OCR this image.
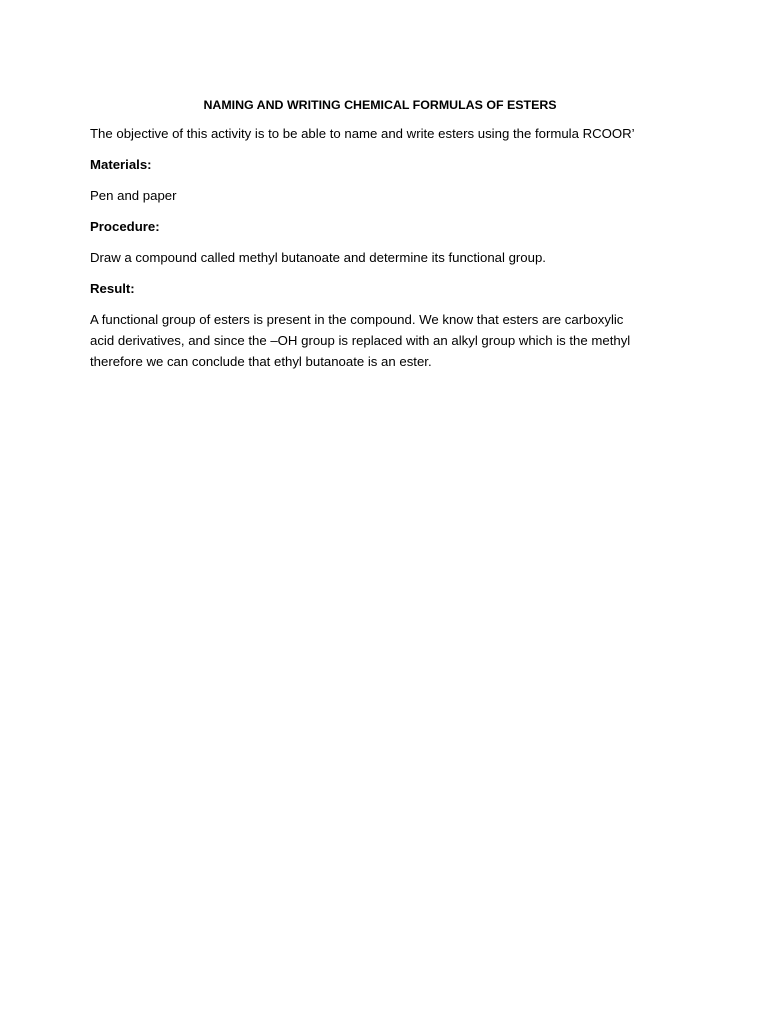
NAMING AND WRITING CHEMICAL FORMULAS OF ESTERS
The objective of this activity is to be able to name and write esters using the formula RCOOR’
Materials:
Pen and paper
Procedure:
Draw a compound called methyl butanoate and determine its functional group.
Result:
A functional group of esters is present in the compound. We know that esters are carboxylic
acid derivatives, and since the –OH group is replaced with an alkyl group which is the methyl
therefore we can conclude that ethyl butanoate is an ester.
